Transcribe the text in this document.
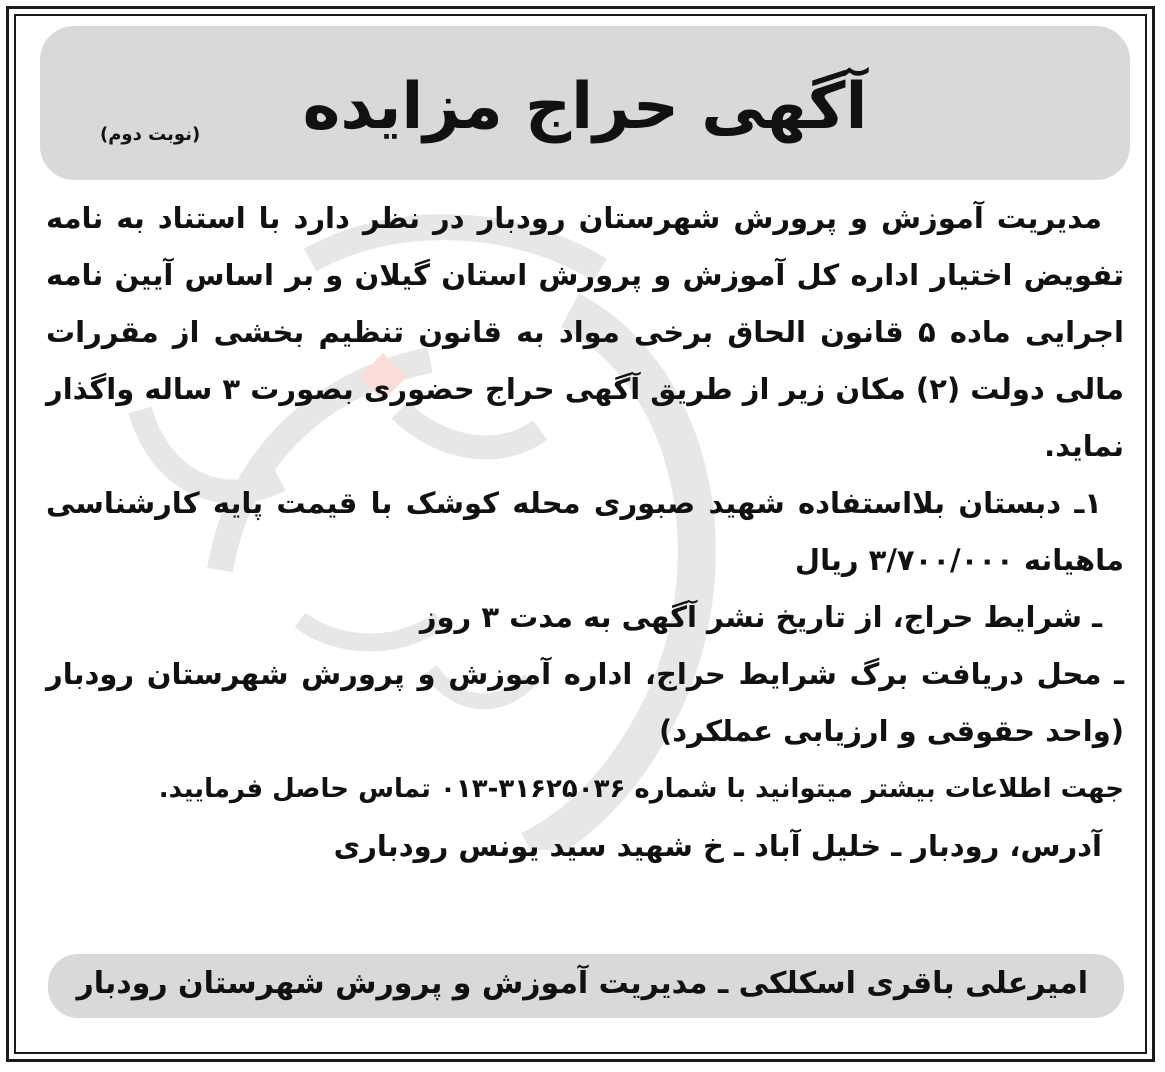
آگهی حراج مزایده
(نوبت دوم)

مدیریت آموزش و پرورش شهرستان رودبار در نظر دارد با استناد به نامه تفویض اختیار اداره کل آموزش و پرورش استان گیلان و بر اساس آیین نامه اجرایی ماده ۵ قانون الحاق برخی مواد به قانون تنظیم بخشی از مقررات مالی دولت (۲) مکان زیر از طریق آگهی حراج حضوری بصورت ۳ ساله واگذار نماید.

۱ـ دبستان بلااستفاده شهید صبوری محله کوشک با قیمت پایه کارشناسی ماهیانه ۳/۷۰۰/۰۰۰ ریال

ـ شرایط حراج، از تاریخ نشر آگهی به مدت ۳ روز

ـ محل دریافت برگ شرایط حراج، اداره آموزش و پرورش شهرستان رودبار (واحد حقوقی و ارزیابی عملکرد)

جهت اطلاعات بیشتر میتوانید با شماره ۳۱۶۲۵۰۳۶-۰۱۳ تماس حاصل فرمایید.

آدرس، رودبار ـ خلیل آباد ـ خ شهید سید یونس رودباری

امیرعلی باقری اسکلکی ـ مدیریت آموزش و پرورش شهرستان رودبار
